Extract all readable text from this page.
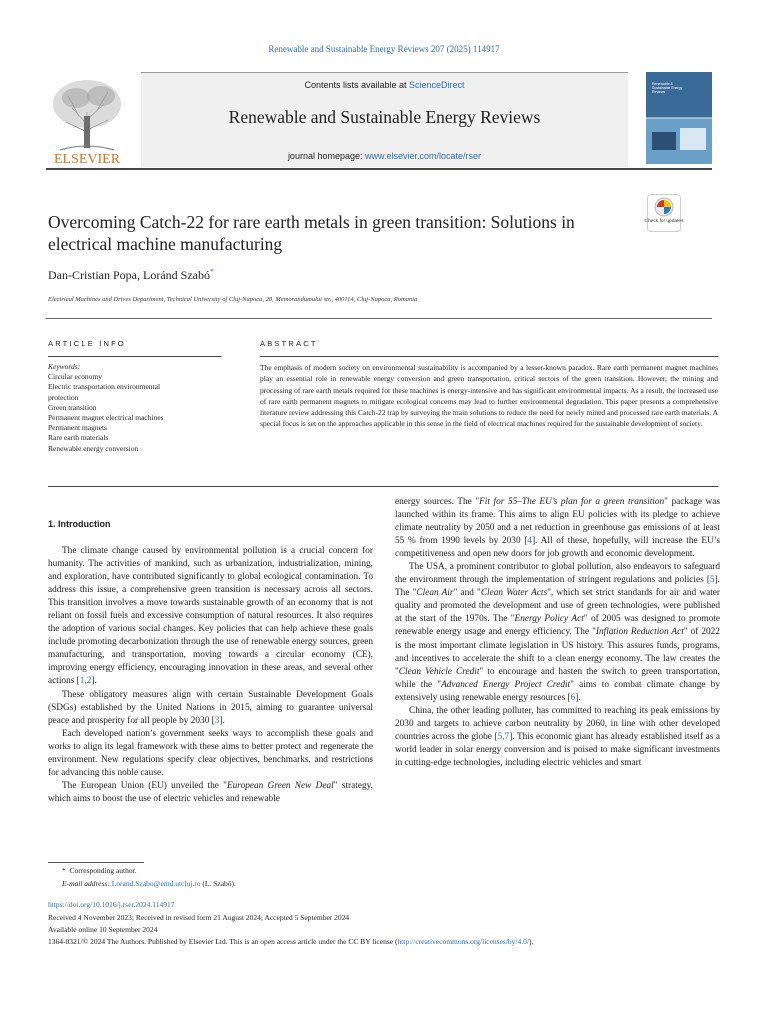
Renewable and Sustainable Energy Reviews 207 (2025) 114917
ELSEVIER
Contents lists available at ScienceDirect
Renewable and Sustainable Energy Reviews
journal homepage: www.elsevier.com/locate/rser
Renewable & Sustainable Energy Reviews
Overcoming Catch-22 for rare earth metals in green transition: Solutions in electrical machine manufacturing
Check for updates
Dan-Cristian Popa, Loránd Szabó*
Electrical Machines and Drives Department, Technical University of Cluj-Napoca, 28, Memorandumului str., 400114, Cluj-Napoca, Romania
ARTICLE INFO	ABSTRACT
Keywords:
Circular economy
Electric transportation environmental protection
Green transition
Permanent magnet electrical machines
Permanent magnets
Rare earth materials
Renewable energy conversion
The emphasis of modern society on environmental sustainability is accompanied by a lesser-known paradox. Rare earth permanent magnet machines play an essential role in renewable energy conversion and green transportation, critical sectors of the green transition. However, the mining and processing of rare earth metals required for these machines is energy-intensive and has significant environmental impacts. As a result, the increased use of rare earth permanent magnets to mitigate ecological concerns may lead to further environmental degradation. This paper presents a comprehensive literature review addressing this Catch-22 trap by surveying the main solutions to reduce the need for newly mined and processed rare earth materials. A special focus is set on the approaches applicable in this sense in the field of electrical machines required for the sustainable development of society.
1. Introduction

The climate change caused by environmental pollution is a crucial concern for humanity. The activities of mankind, such as urbanization, industrialization, mining, and exploration, have contributed significantly to global ecological contamination. To address this issue, a comprehensive green transition is necessary across all sectors. This transition involves a move towards sustainable growth of an economy that is not reliant on fossil fuels and excessive consumption of natural resources. It also requires the adoption of various social changes. Key policies that can help achieve these goals include promoting decarbonization through the use of renewable energy sources, green manufacturing, and transportation, moving towards a circular economy (CE), improving energy efficiency, encouraging innovation in these areas, and several other actions [1,2].

These obligatory measures align with certain Sustainable Development Goals (SDGs) established by the United Nations in 2015, aiming to guarantee universal peace and prosperity for all people by 2030 [3].

Each developed nation’s government seeks ways to accomplish these goals and works to align its legal framework with these aims to better protect and regenerate the environment. New regulations specify clear objectives, benchmarks, and restrictions for advancing this noble cause.

The European Union (EU) unveiled the "European Green New Deal" strategy, which aims to boost the use of electric vehicles and renewable

energy sources. The "Fit for 55–The EU’s plan for a green transition" package was launched within its frame. This aims to align EU policies with its pledge to achieve climate neutrality by 2050 and a net reduction in greenhouse gas emissions of at least 55 % from 1990 levels by 2030 [4]. All of these, hopefully, will increase the EU’s competitiveness and open new doors for job growth and economic development.

The USA, a prominent contributor to global pollution, also endeavors to safeguard the environment through the implementation of stringent regulations and policies [5]. The "Clean Air" and "Clean Water Acts", which set strict standards for air and water quality and promoted the development and use of green technologies, were published at the start of the 1970s. The "Energy Policy Act" of 2005 was designed to promote renewable energy usage and energy efficiency. The "Inflation Reduction Act" of 2022 is the most important climate legislation in US history. This assures funds, programs, and incentives to accelerate the shift to a clean energy economy. The law creates the "Clean Vehicle Credit" to encourage and hasten the switch to green transportation, while the "Advanced Energy Project Credit" aims to combat climate change by extensively using renewable energy resources [6].

China, the other leading polluter, has committed to reaching its peak emissions by 2030 and targets to achieve carbon neutrality by 2060, in line with other developed countries across the globe [5,7]. This economic giant has already established itself as a world leader in solar energy conversion and is poised to make significant investments in cutting-edge technologies, including electric vehicles and smart

* Corresponding author.
E-mail address: Lorand.Szabo@emd.utcluj.ro (L. Szabó).
https://doi.org/10.1016/j.rser.2024.114917
Received 4 November 2023; Received in revised form 21 August 2024; Accepted 5 September 2024
Available online 10 September 2024
1364-0321/© 2024 The Authors. Published by Elsevier Ltd. This is an open access article under the CC BY license (http://creativecommons.org/licenses/by/4.0/).
